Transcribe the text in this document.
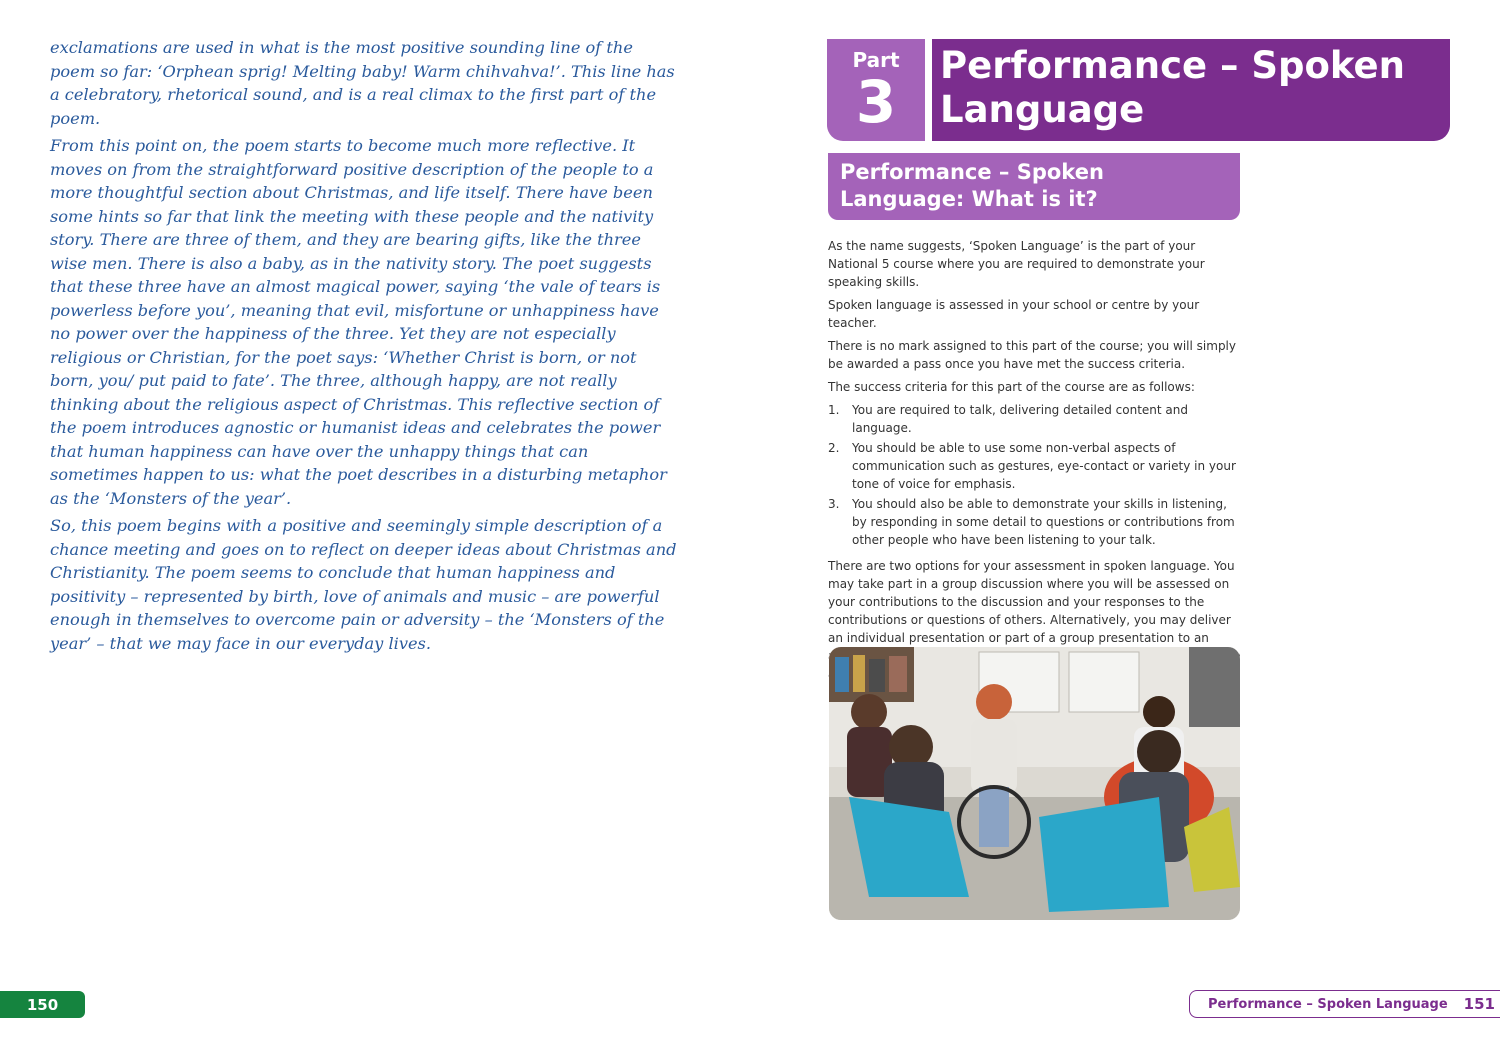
exclamations are used in what is the most positive sounding line of the poem so far: ‘Orphean sprig! Melting baby! Warm chihvahva!’. This line has a celebratory, rhetorical sound, and is a real climax to the first part of the poem.

From this point on, the poem starts to become much more reflective. It moves on from the straightforward positive description of the people to a more thoughtful section about Christmas, and life itself. There have been some hints so far that link the meeting with these people and the nativity story. There are three of them, and they are bearing gifts, like the three wise men. There is also a baby, as in the nativity story. The poet suggests that these three have an almost magical power, saying ‘the vale of tears is powerless before you’, meaning that evil, misfortune or unhappiness have no power over the happiness of the three. Yet they are not especially religious or Christian, for the poet says: ‘Whether Christ is born, or not born, you/ put paid to fate’. The three, although happy, are not really thinking about the religious aspect of Christmas. This reflective section of the poem introduces agnostic or humanist ideas and celebrates the power that human happiness can have over the unhappy things that can sometimes happen to us: what the poet describes in a disturbing metaphor as the ‘Monsters of the year’.

So, this poem begins with a positive and seemingly simple description of a chance meeting and goes on to reflect on deeper ideas about Christmas and Christianity. The poem seems to conclude that human happiness and positivity – represented by birth, love of animals and music – are powerful enough in themselves to overcome pain or adversity – the ‘Monsters of the year’ – that we may face in our everyday lives.

150
Part
3
Performance – Spoken Language
Performance – Spoken Language: What is it?

As the name suggests, ‘Spoken Language’ is the part of your National 5 course where you are required to demonstrate your speaking skills.

Spoken language is assessed in your school or centre by your teacher.

There is no mark assigned to this part of the course; you will simply be awarded a pass once you have met the success criteria.

The success criteria for this part of the course are as follows:

1.	You are required to talk, delivering detailed content and language.
2.	You should be able to use some non-verbal aspects of communication such as gestures, eye-contact or variety in your tone of voice for emphasis.
3.	You should also be able to demonstrate your skills in listening, by responding in some detail to questions or contributions from other people who have been listening to your talk.

There are two options for your assessment in spoken language. You may take part in a group discussion where you will be assessed on your contributions to the discussion and your responses to the contributions or questions of others. Alternatively, you may deliver an individual presentation or part of a group presentation to an

Performance – Spoken Language 151
